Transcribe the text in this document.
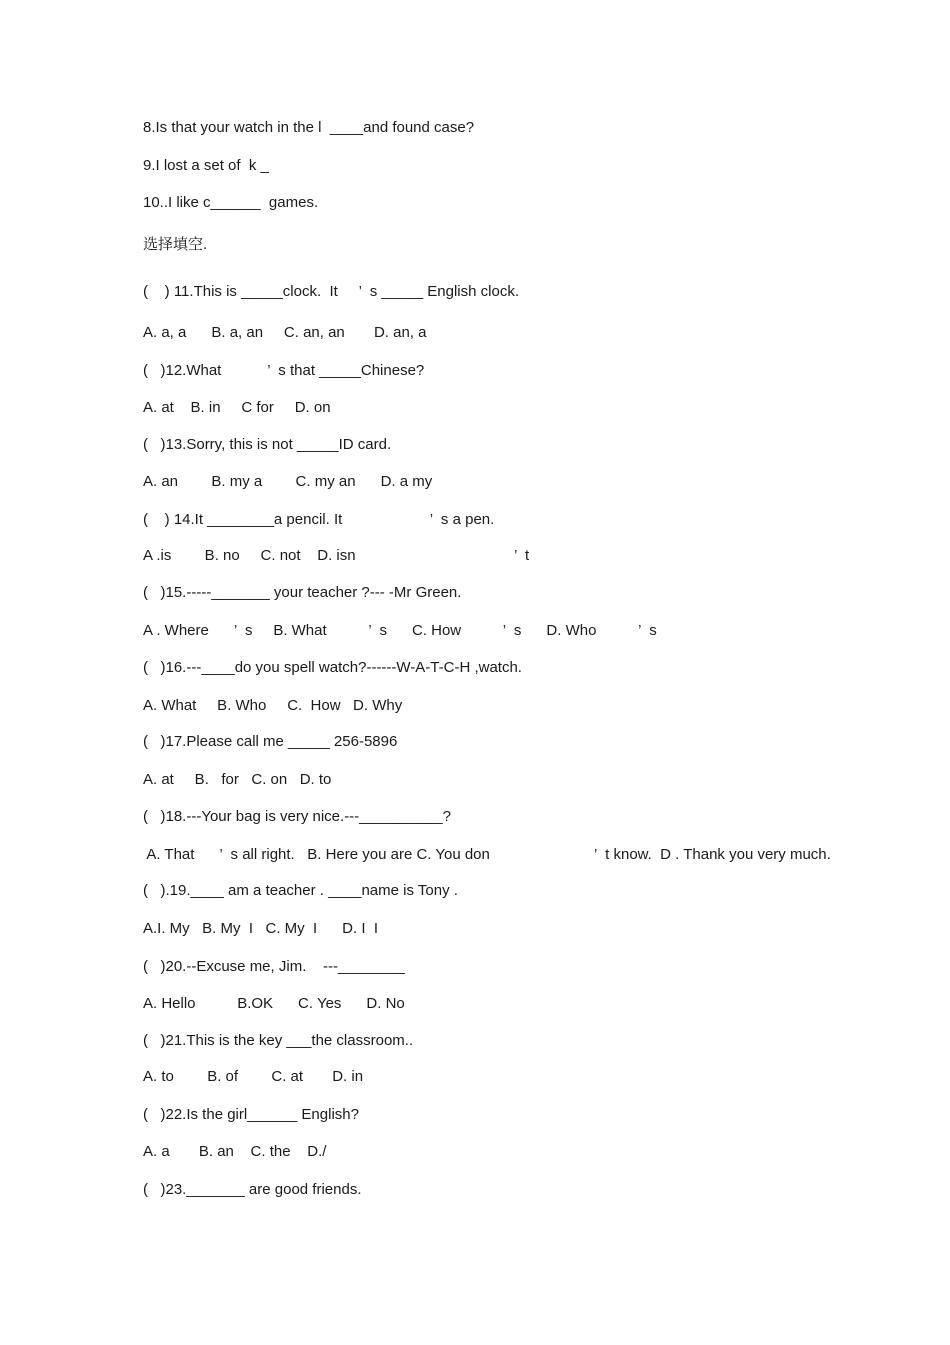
8.Is that your watch in the l  ____and found case?
9.I lost a set of  k _
10..I like c______  games.
选择填空.
(    ) 11.This is _____clock.  It     ’  s _____ English clock.
A. a, a      B. a, an     C. an, an       D. an, a
(   )12.What           ’  s that _____Chinese?
A. at    B. in     C for     D. on
(   )13.Sorry, this is not _____ID card.
A. an        B. my a        C. my an      D. a my
(    ) 14.It ________a pencil. It                     ’  s a pen.
A .is        B. no     C. not    D. isn                                      ’  t
(   )15.-----_______ your teacher ?--- -Mr Green.
A . Where      ’  s     B. What          ’  s      C. How          ’  s      D. Who          ’  s
(   )16.---____do you spell watch?------W-A-T-C-H ,watch.
A. What     B. Who     C.  How   D. Why
(   )17.Please call me _____ 256-5896
A. at     B.   for   C. on   D. to
(   )18.---Your bag is very nice.---__________?
A. That      ’  s all right.   B. Here you are C. You don                         ’  t know.  D . Thank you very much.
(   ).19.____ am a teacher . ____name is Tony .
A.I. My   B. My  I   C. My  I      D. I  I
(   )20.--Excuse me, Jim.    ---________
A. Hello          B.OK      C. Yes      D. No
(   )21.This is the key ___the classroom..
A. to        B. of        C. at       D. in
(   )22.Is the girl______ English?
A. a       B. an    C. the    D./
(   )23._______ are good friends.
